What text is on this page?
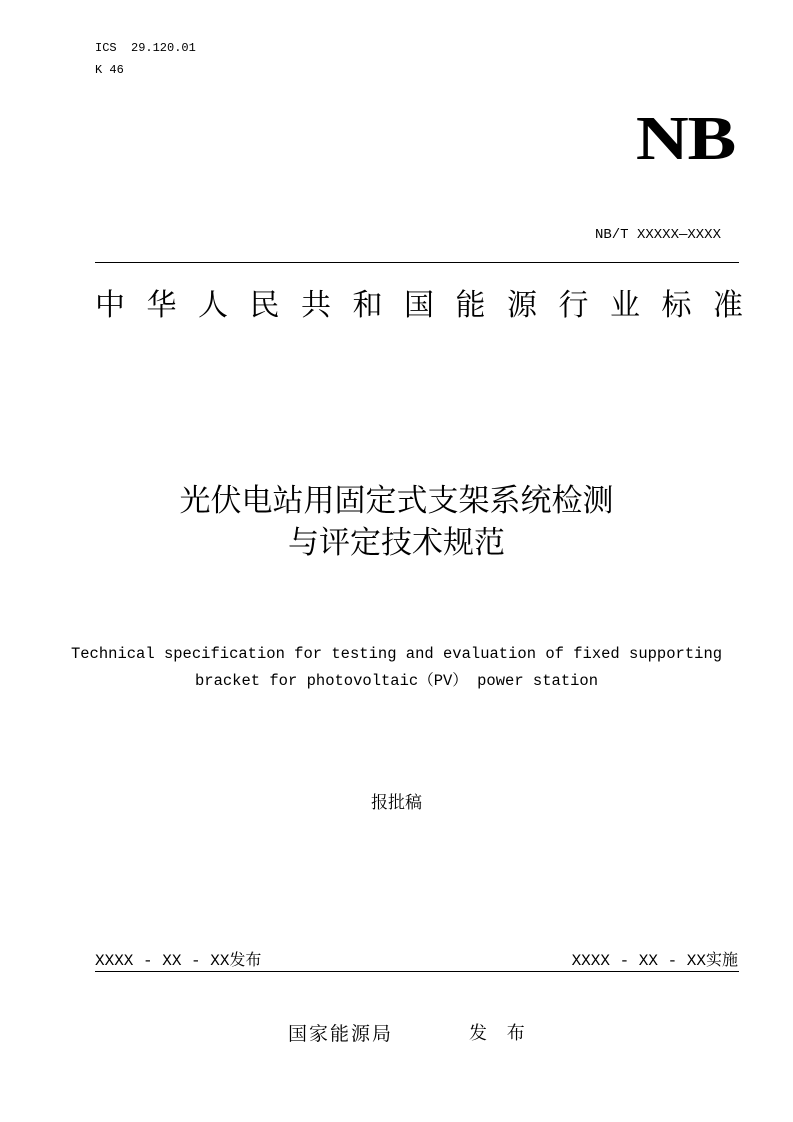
ICS  29.120.01
K 46
NB
NB/T XXXXX—XXXX
中 华 人 民 共 和 国 能 源 行 业 标 准
光伏电站用固定式支架系统检测
与评定技术规范
Technical specification for testing and evaluation of fixed supporting
bracket for photovoltaic（PV） power station
报批稿
XXXX - XX - XX发布	XXXX - XX - XX实施
国家能源局	发 布
